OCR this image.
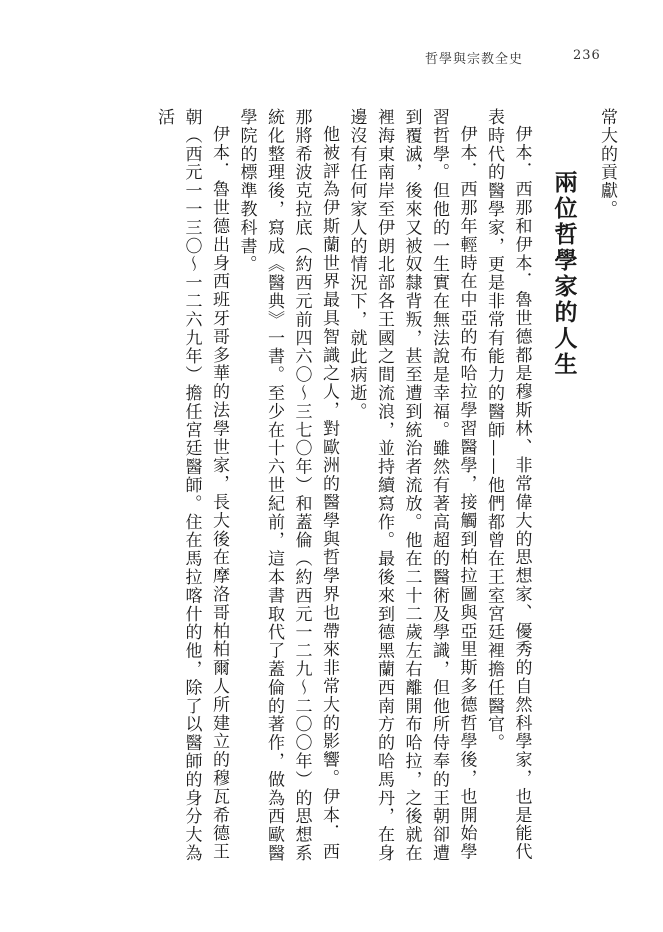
哲學與宗教全史	236

常大的貢獻。

兩位哲學家的人生

伊本．西那和伊本．魯世德都是穆斯林、非常偉大的思想家、優秀的自然科學家，也是能代表時代的醫學家，更是非常有能力的醫師——他們都曾在王室宮廷裡擔任醫官。

伊本．西那年輕時在中亞的布哈拉學習醫學，接觸到柏拉圖與亞里斯多德哲學後，也開始學習哲學。但他的一生實在無法說是幸福。雖然有著高超的醫術及學識，但他所侍奉的王朝卻遭到覆滅，後來又被奴隸背叛，甚至遭到統治者流放。他在二十二歲左右離開布哈拉，之後就在裡海東南岸至伊朗北部各王國之間流浪，並持續寫作。最後來到德黑蘭西南方的哈馬丹，在身邊沒有任何家人的情況下，就此病逝。

他被評為伊斯蘭世界最具智識之人，對歐洲的醫學與哲學界也帶來非常大的影響。伊本．西那將希波克拉底（約西元前四六〇～三七〇年）和蓋倫（約西元一二九～二〇〇年）的思想系統化整理後，寫成《醫典》一書。至少在十六世紀前，這本書取代了蓋倫的著作，做為西歐醫學院的標準教科書。

伊本．魯世德出身西班牙哥多華的法學世家，長大後在摩洛哥柏柏爾人所建立的穆瓦希德王朝（西元一一三〇～一二六九年）擔任宮廷醫師。住在馬拉喀什的他，除了以醫師的身分大為活
